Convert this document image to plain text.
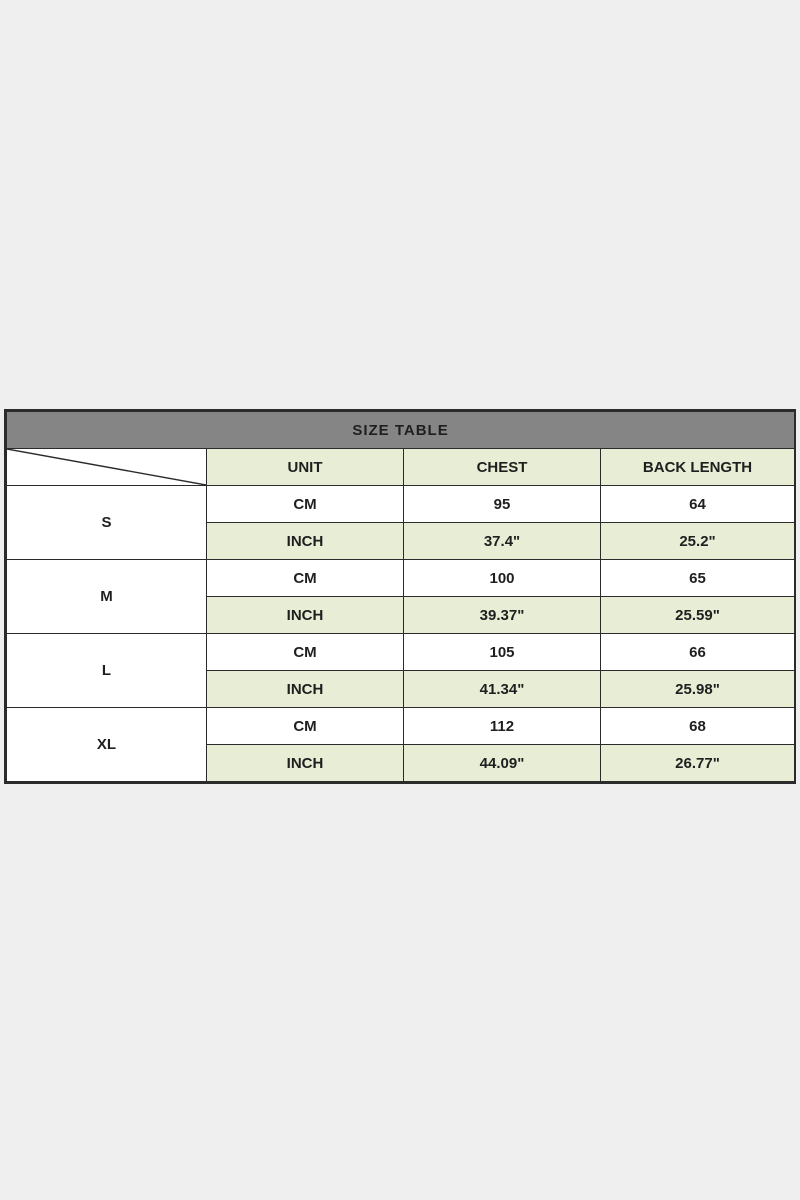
SIZE TABLE			

	UNIT	CHEST	BACK LENGTH
S	CM	95	64
	INCH	37.4"	25.2"
M	CM	100	65
	INCH	39.37"	25.59"
L	CM	105	66
	INCH	41.34"	25.98"
XL	CM	112	68
	INCH	44.09"	26.77"
